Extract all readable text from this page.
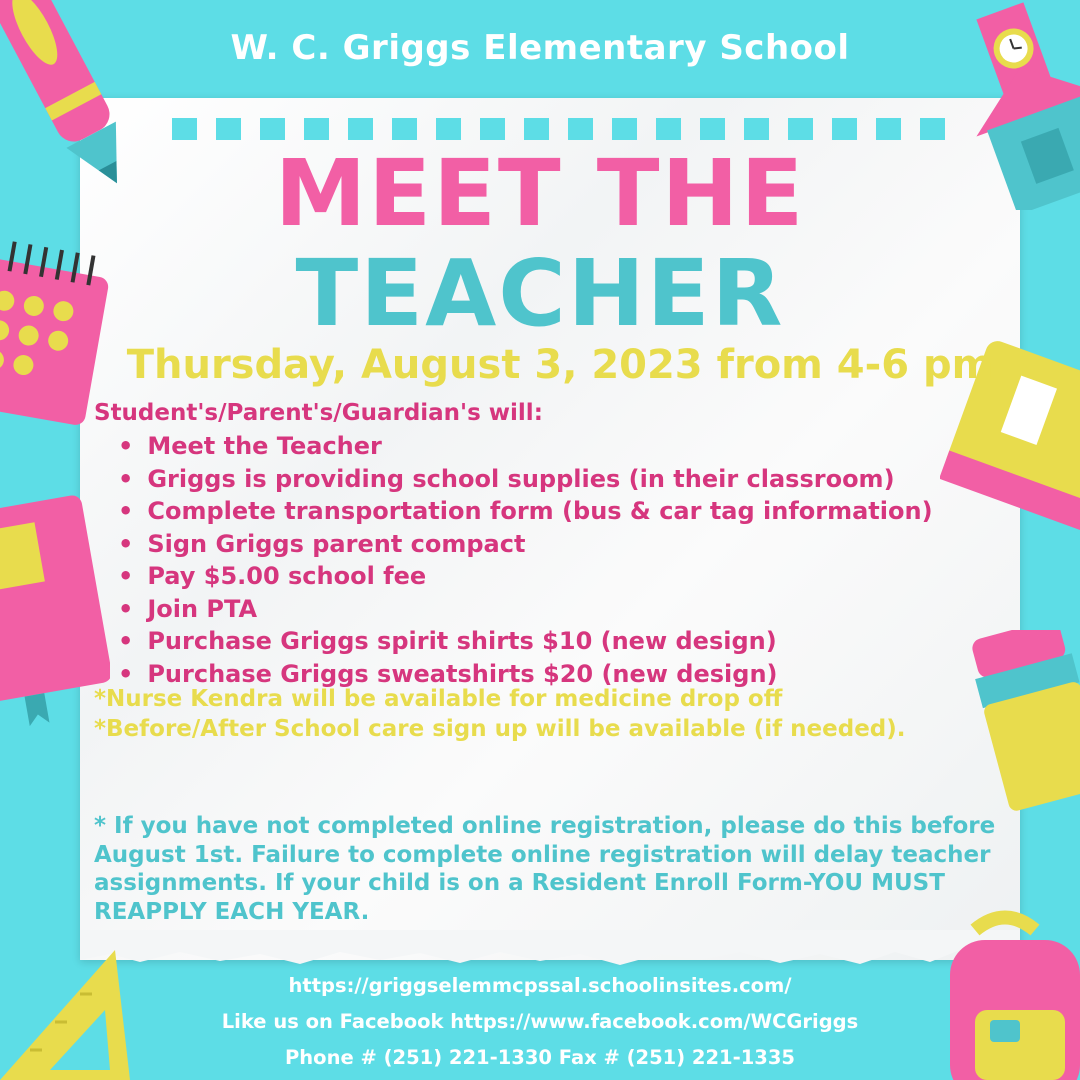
W. C. Griggs Elementary School
MEET THE
TEACHER
Thursday, August 3, 2023 from 4-6 pm
Student's/Parent's/Guardian's will:
• Meet the Teacher
• Griggs is providing school supplies (in their classroom)
• Complete transportation form (bus & car tag information)
• Sign Griggs parent compact
• Pay $5.00 school fee
• Join PTA
• Purchase Griggs spirit shirts $10 (new design)
• Purchase Griggs sweatshirts $20 (new design)
*Nurse Kendra will be available for medicine drop off
*Before/After School care sign up will be available (if needed).
* If you have not completed online registration, please do this before August 1st. Failure to complete online registration will delay teacher assignments. If your child is on a Resident Enroll Form-YOU MUST REAPPLY EACH YEAR.
https://griggselemmcpssal.schoolinsites.com/
Like us on Facebook https://www.facebook.com/WCGriggs
Phone # (251) 221-1330 Fax # (251) 221-1335
